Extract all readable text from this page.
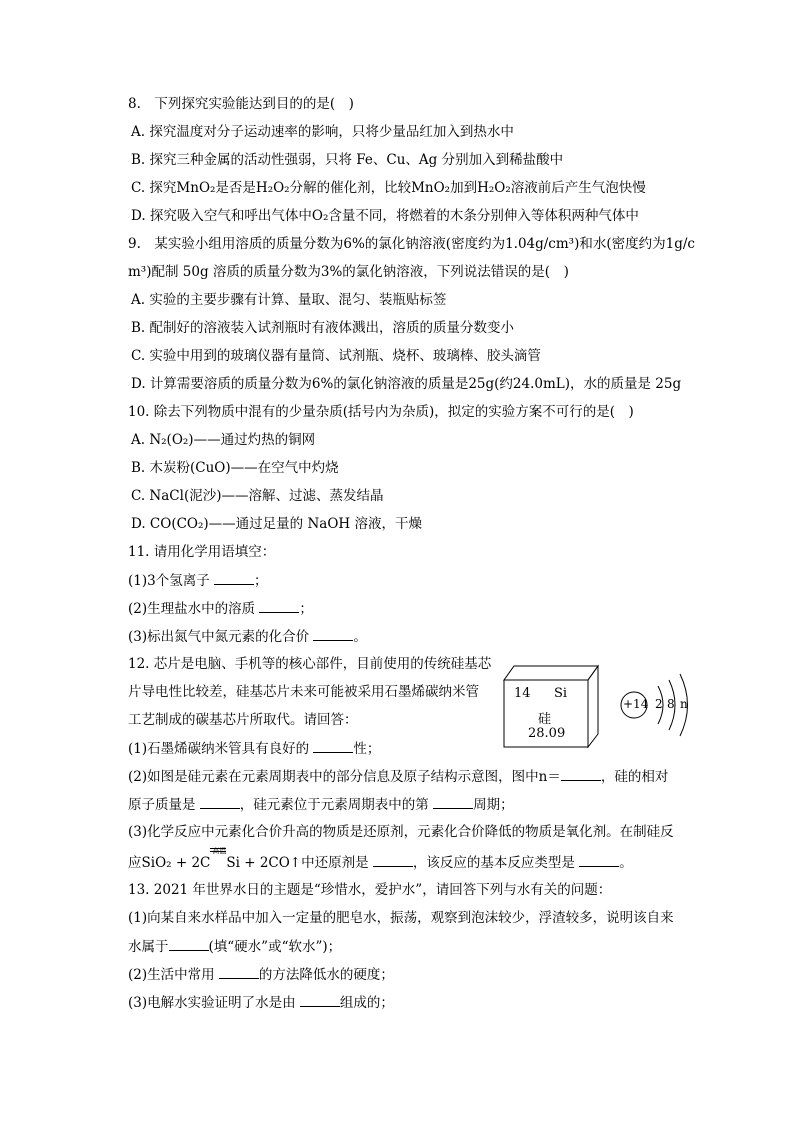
8.　下列探究实验能达到目的的是(　)
A. 探究温度对分子运动速率的影响，只将少量品红加入到热水中
B. 探究三种金属的活动性强弱，只将 Fe、Cu、Ag 分别加入到稀盐酸中
C. 探究MnO₂是否是H₂O₂分解的催化剂，比较MnO₂加到H₂O₂溶液前后产生气泡快慢
D. 探究吸入空气和呼出气体中O₂含量不同，将燃着的木条分别伸入等体积两种气体中
9.　某实验小组用溶质的质量分数为6%的氯化钠溶液(密度约为1.04g/cm³)和水(密度约为1g/c
m³)配制 50g 溶质的质量分数为3%的氯化钠溶液，下列说法错误的是(　)
A. 实验的主要步骤有计算、量取、混匀、装瓶贴标签
B. 配制好的溶液装入试剂瓶时有液体溅出，溶质的质量分数变小
C. 实验中用到的玻璃仪器有量筒、试剂瓶、烧杯、玻璃棒、胶头滴管
D. 计算需要溶质的质量分数为6%的氯化钠溶液的质量是25g(约24.0mL)，水的质量是 25g
10. 除去下列物质中混有的少量杂质(括号内为杂质)，拟定的实验方案不可行的是(　)
A. N₂(O₂)——通过灼热的铜网
B. 木炭粉(CuO)——在空气中灼烧
C. NaCl(泥沙)——溶解、过滤、蒸发结晶
D. CO(CO₂)——通过足量的 NaOH 溶液，干燥
11. 请用化学用语填空：
(1)3个氢离子	；
(2)生理盐水中的溶质	；
(3)标出氮气中氮元素的化合价	。
12. 芯片是电脑、手机等的核心部件，目前使用的传统硅基芯
片导电性比较差，硅基芯片未来可能被采用石墨烯碳纳米管
工艺制成的碳基芯片所取代。请回答：
(1)石墨烯碳纳米管具有良好的	性；
(2)如图是硅元素在元素周期表中的部分信息及原子结构示意图，图中n＝	，硅的相对
原子质量是	，硅元素位于元素周期表中的第	周期；
(3)化学反应中元素化合价升高的物质是还原剂，元素化合价降低的物质是氧化剂。在制硅反
应SiO₂ + 2C
高温
Si + 2CO↑中还原剂是	，该反应的基本反应类型是	。
14 Si
硅
28.09
+14 2 8 n
13. 2021 年世界水日的主题是“珍惜水，爱护水”，请回答下列与水有关的问题：
(1)向某自来水样品中加入一定量的肥皂水，振荡，观察到泡沫较少，浮渣较多，说明该自来
水属于	(填“硬水”或“软水”)；
(2)生活中常用	的方法降低水的硬度；
(3)电解水实验证明了水是由	组成的；
